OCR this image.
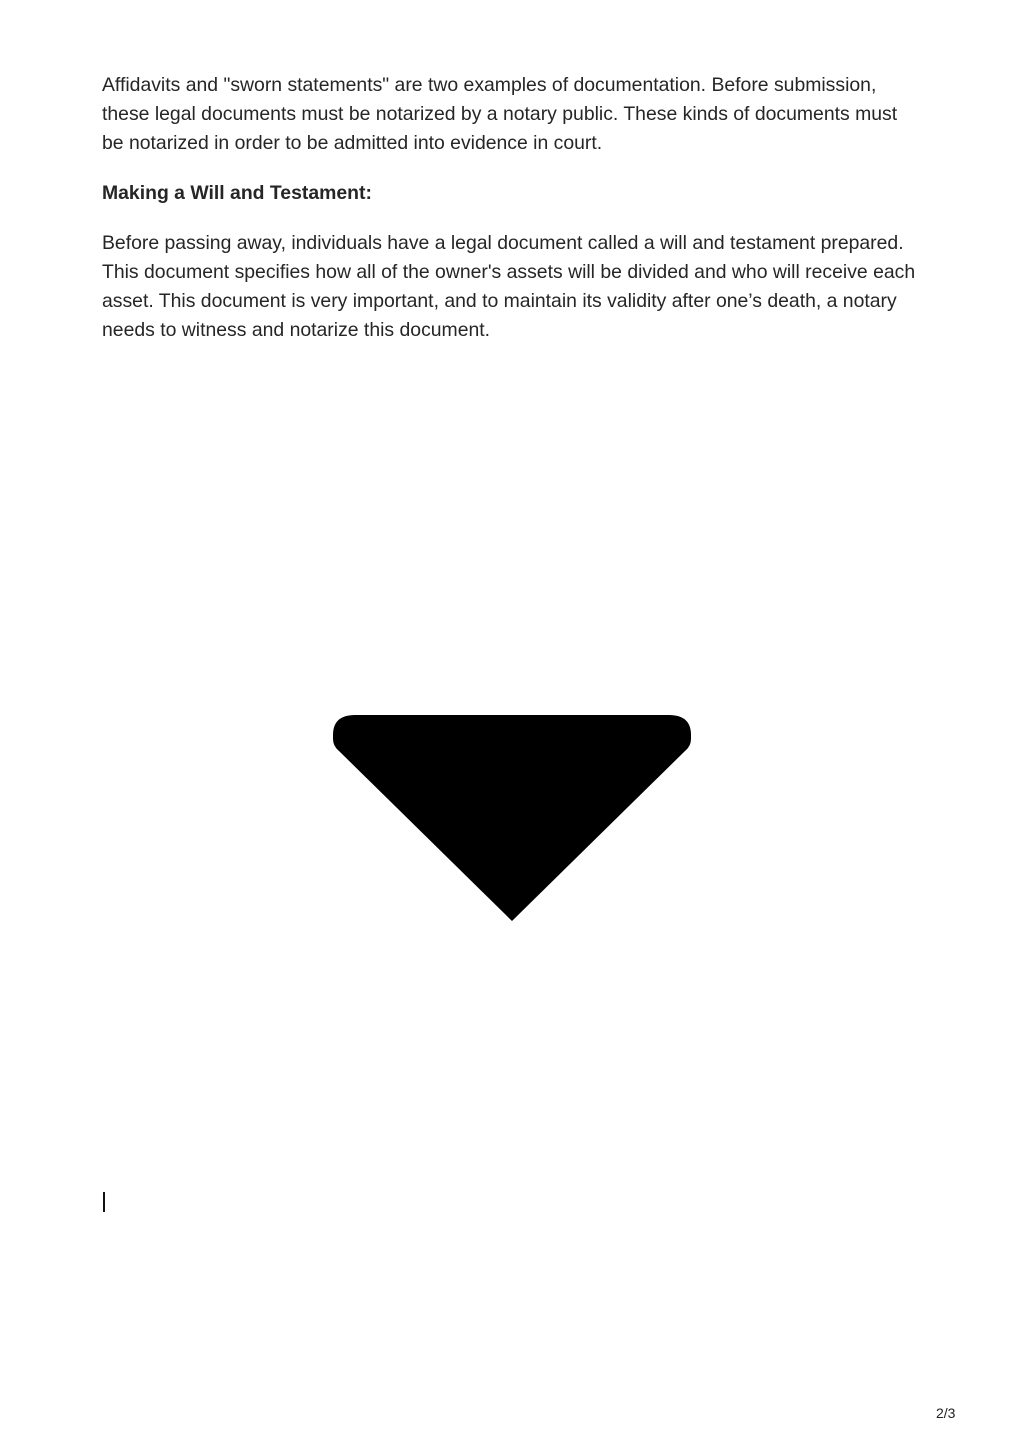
Affidavits and "sworn statements" are two examples of documentation. Before submission, these legal documents must be notarized by a notary public. These kinds of documents must be notarized in order to be admitted into evidence in court.

Making a Will and Testament:

Before passing away, individuals have a legal document called a will and testament prepared. This document specifies how all of the owner's assets will be divided and who will receive each asset. This document is very important, and to maintain its validity after one’s death, a notary needs to witness and notarize this document.

2/3
